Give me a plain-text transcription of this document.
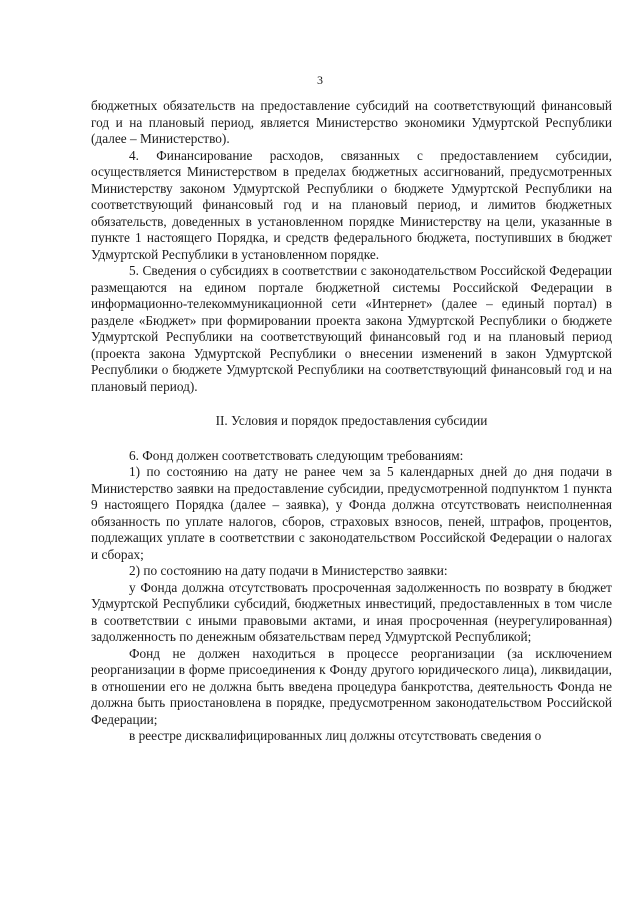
3

бюджетных обязательств на предоставление субсидий на соответствующий финансовый год и на плановый период, является Министерство экономики Удмуртской Республики (далее – Министерство).

4. Финансирование расходов, связанных с предоставлением субсидии, осуществляется Министерством в пределах бюджетных ассигнований, предусмотренных Министерству законом Удмуртской Республики о бюджете Удмуртской Республики на соответствующий финансовый год и на плановый период, и лимитов бюджетных обязательств, доведенных в установленном порядке Министерству на цели, указанные в пункте 1 настоящего Порядка, и средств федерального бюджета, поступивших в бюджет Удмуртской Республики в установленном порядке.

5. Сведения о субсидиях в соответствии с законодательством Российской Федерации размещаются на едином портале бюджетной системы Российской Федерации в информационно-телекоммуникационной сети «Интернет» (далее – единый портал) в разделе «Бюджет» при формировании проекта закона Удмуртской Республики о бюджете Удмуртской Республики на соответствующий финансовый год и на плановый период (проекта закона Удмуртской Республики о внесении изменений в закон Удмуртской Республики о бюджете Удмуртской Республики на соответствующий финансовый год и на плановый период).

II. Условия и порядок предоставления субсидии

6. Фонд должен соответствовать следующим требованиям:

1) по состоянию на дату не ранее чем за 5 календарных дней до дня подачи в Министерство заявки на предоставление субсидии, предусмотренной подпунктом 1 пункта 9 настоящего Порядка (далее – заявка), у Фонда должна отсутствовать неисполненная обязанность по уплате налогов, сборов, страховых взносов, пеней, штрафов, процентов, подлежащих уплате в соответствии с законодательством Российской Федерации о налогах и сборах;

2) по состоянию на дату подачи в Министерство заявки:

у Фонда должна отсутствовать просроченная задолженность по возврату в бюджет Удмуртской Республики субсидий, бюджетных инвестиций, предоставленных в том числе в соответствии с иными правовыми актами, и иная просроченная (неурегулированная) задолженность по денежным обязательствам перед Удмуртской Республикой;

Фонд не должен находиться в процессе реорганизации (за исключением реорганизации в форме присоединения к Фонду другого юридического лица), ликвидации, в отношении его не должна быть введена процедура банкротства, деятельность Фонда не должна быть приостановлена в порядке, предусмотренном законодательством Российской Федерации;

в реестре дисквалифицированных лиц должны отсутствовать сведения о
